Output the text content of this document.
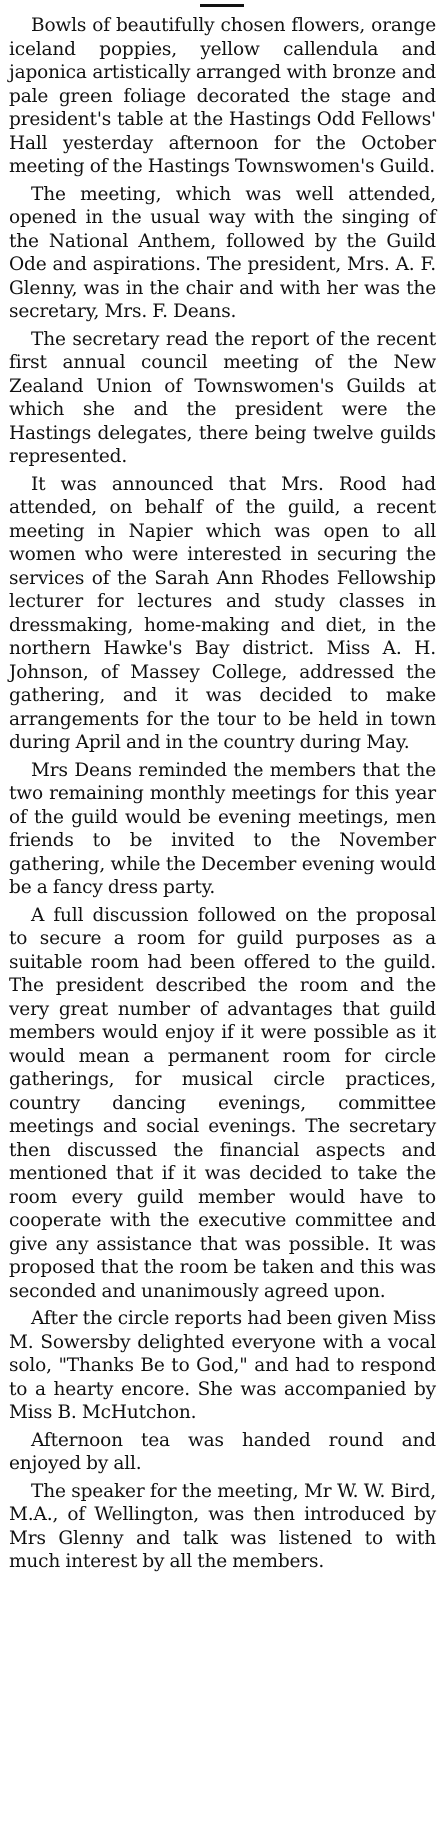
Bowls of beautifully chosen flowers, orange iceland poppies, yellow callendula and japonica artistically arranged with bronze and pale green foliage decorated the stage and president's table at the Hastings Odd Fellows' Hall yesterday afternoon for the October meeting of the Hastings Townswomen's Guild.

The meeting, which was well attended, opened in the usual way with the singing of the National Anthem, followed by the Guild Ode and aspirations. The president, Mrs. A. F. Glenny, was in the chair and with her was the secretary, Mrs. F. Deans.

The secretary read the report of the recent first annual council meeting of the New Zealand Union of Townswomen's Guilds at which she and the president were the Hastings delegates, there being twelve guilds represented.

It was announced that Mrs. Rood had attended, on behalf of the guild, a recent meeting in Napier which was open to all women who were interested in securing the services of the Sarah Ann Rhodes Fellowship lecturer for lectures and study classes in dressmaking, home-making and diet, in the northern Hawke's Bay district. Miss A. H. Johnson, of Massey College, addressed the gathering, and it was decided to make arrangements for the tour to be held in town during April and in the country during May.

Mrs Deans reminded the members that the two remaining monthly meetings for this year of the guild would be evening meetings, men friends to be invited to the November gathering, while the December evening would be a fancy dress party.

A full discussion followed on the proposal to secure a room for guild purposes as a suitable room had been offered to the guild. The president described the room and the very great number of advantages that guild members would enjoy if it were possible as it would mean a permanent room for circle gatherings, for musical circle practices, country dancing evenings, committee meetings and social evenings. The secretary then discussed the financial aspects and mentioned that if it was decided to take the room every guild member would have to cooperate with the executive committee and give any assistance that was possible. It was proposed that the room be taken and this was seconded and unanimously agreed upon.

After the circle reports had been given Miss M. Sowersby delighted everyone with a vocal solo, "Thanks Be to God," and had to respond to a hearty encore. She was accompanied by Miss B. McHutchon.

Afternoon tea was handed round and enjoyed by all.

The speaker for the meeting, Mr W. W. Bird, M.A., of Wellington, was then introduced by Mrs Glenny and talk was listened to with much interest by all the members.
